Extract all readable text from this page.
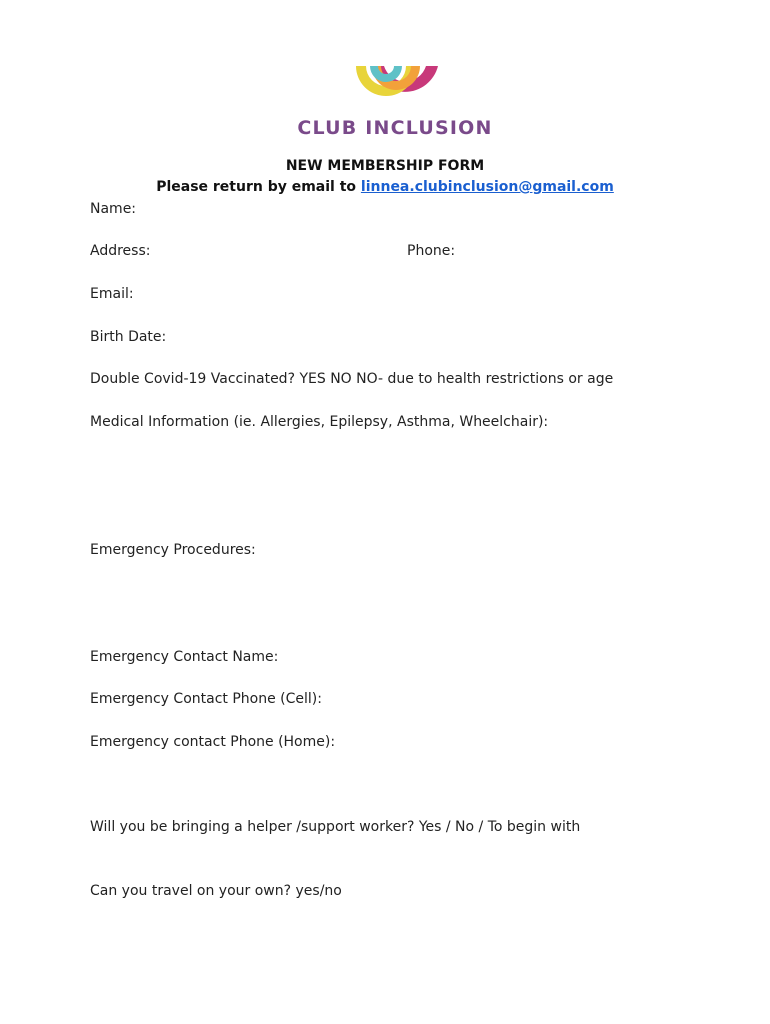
CLUB INCLUSION
NEW MEMBERSHIP FORM
Please return by email to linnea.clubinclusion@gmail.com
Name:
Address:	Phone:
Email:
Birth Date:
Double Covid-19 Vaccinated? YES NO NO- due to health restrictions or age
Medical Information (ie. Allergies, Epilepsy, Asthma, Wheelchair):
Emergency Procedures:
Emergency Contact Name:
Emergency Contact Phone (Cell):
Emergency contact Phone (Home):
Will you be bringing a helper /support worker? Yes / No / To begin with
Can you travel on your own? yes/no
